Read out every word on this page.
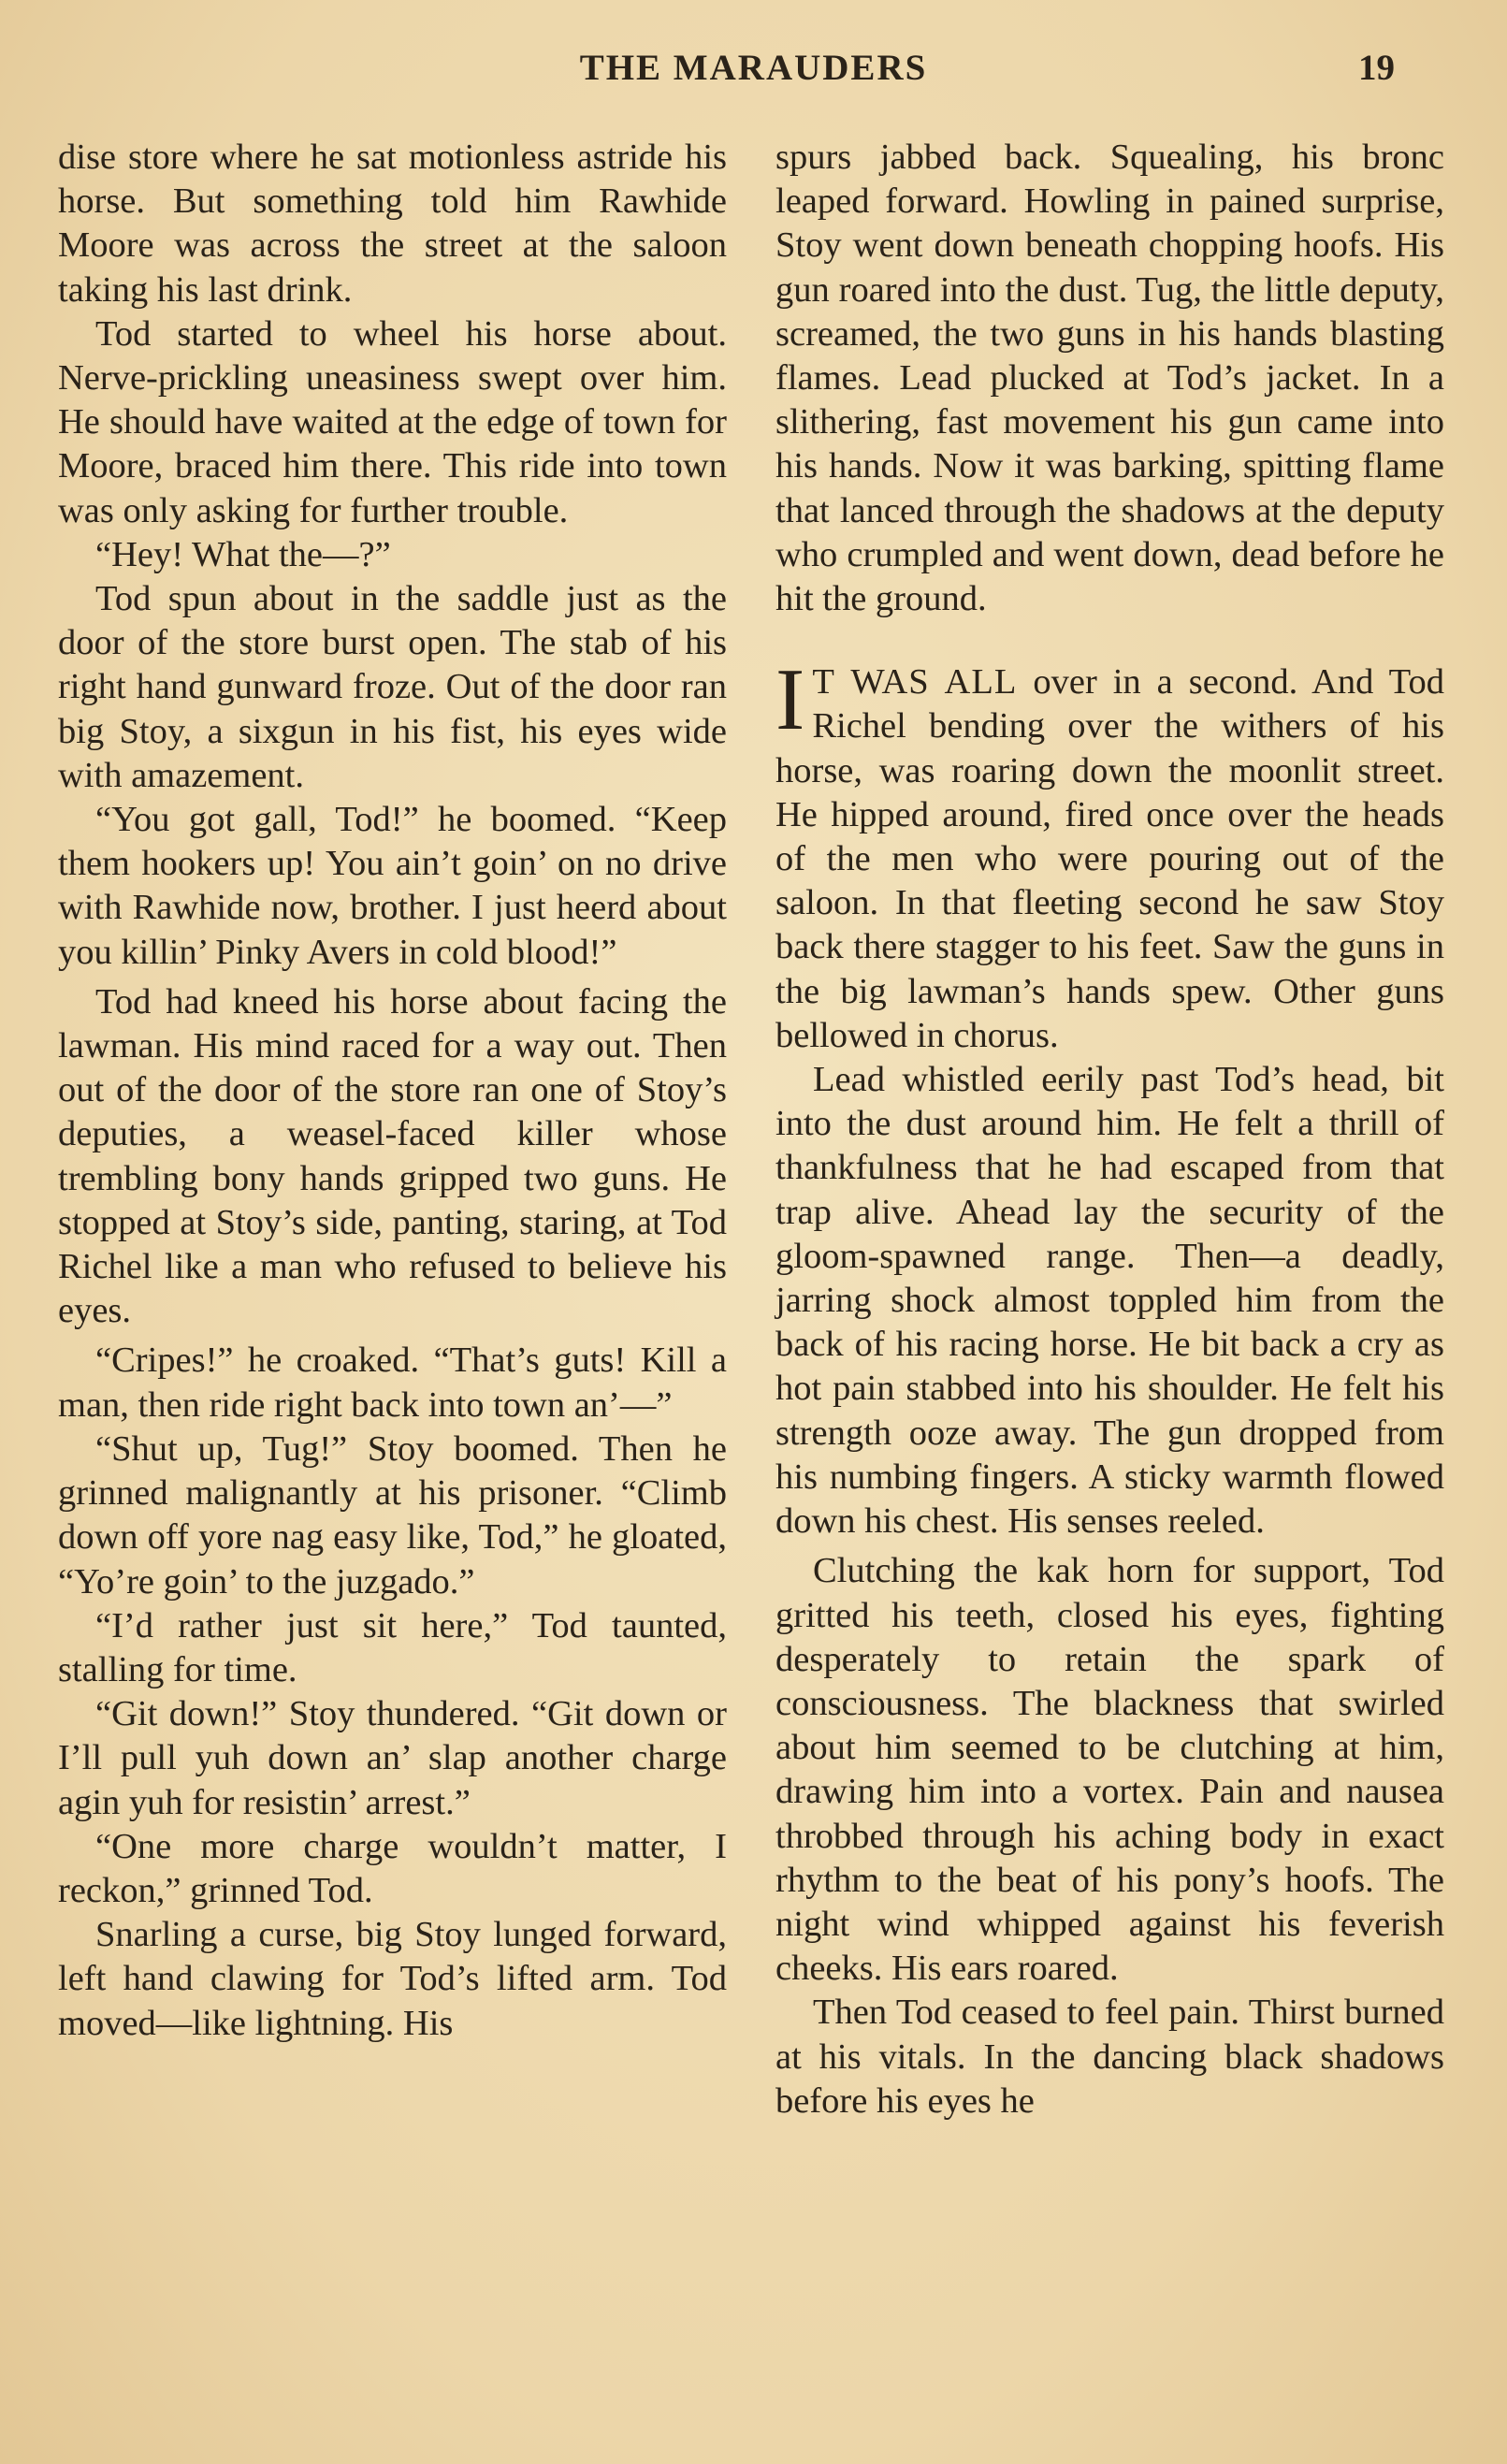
THE MARAUDERS	19

dise store where he sat motionless astride his horse. But something told him Rawhide Moore was across the street at the saloon taking his last drink.

Tod started to wheel his horse about. Nerve-prickling uneasiness swept over him. He should have waited at the edge of town for Moore, braced him there. This ride into town was only asking for further trouble.

“Hey! What the—?”

Tod spun about in the saddle just as the door of the store burst open. The stab of his right hand gunward froze. Out of the door ran big Stoy, a sixgun in his fist, his eyes wide with amazement.

“You got gall, Tod!” he boomed. “Keep them hookers up! You ain’t goin’ on no drive with Rawhide now, brother. I just heerd about you killin’ Pinky Avers in cold blood!”

Tod had kneed his horse about facing the lawman. His mind raced for a way out. Then out of the door of the store ran one of Stoy’s deputies, a weasel-faced killer whose trembling bony hands gripped two guns. He stopped at Stoy’s side, panting, staring, at Tod Richel like a man who refused to believe his eyes.

“Cripes!” he croaked. “That’s guts! Kill a man, then ride right back into town an’—”

“Shut up, Tug!” Stoy boomed. Then he grinned malignantly at his prisoner. “Climb down off yore nag easy like, Tod,” he gloated, “Yo’re goin’ to the juzgado.”

“I’d rather just sit here,” Tod taunted, stalling for time.

“Git down!” Stoy thundered. “Git down or I’ll pull yuh down an’ slap another charge agin yuh for resistin’ arrest.”

“One more charge wouldn’t matter, I reckon,” grinned Tod.

Snarling a curse, big Stoy lunged forward, left hand clawing for Tod’s lifted arm. Tod moved—like lightning. His

spurs jabbed back. Squealing, his bronc leaped forward. Howling in pained surprise, Stoy went down beneath chopping hoofs. His gun roared into the dust. Tug, the little deputy, screamed, the two guns in his hands blasting flames. Lead plucked at Tod’s jacket. In a slithering, fast movement his gun came into his hands. Now it was barking, spitting flame that lanced through the shadows at the deputy who crumpled and went down, dead before he hit the ground.

I T WAS ALL over in a second. And Tod Richel bending over the withers of his horse, was roaring down the moonlit street. He hipped around, fired once over the heads of the men who were pouring out of the saloon. In that fleeting second he saw Stoy back there stagger to his feet. Saw the guns in the big lawman’s hands spew. Other guns bellowed in chorus.

Lead whistled eerily past Tod’s head, bit into the dust around him. He felt a thrill of thankfulness that he had escaped from that trap alive. Ahead lay the security of the gloom-spawned range. Then—a deadly, jarring shock almost toppled him from the back of his racing horse. He bit back a cry as hot pain stabbed into his shoulder. He felt his strength ooze away. The gun dropped from his numbing fingers. A sticky warmth flowed down his chest. His senses reeled.

Clutching the kak horn for support, Tod gritted his teeth, closed his eyes, fighting desperately to retain the spark of consciousness. The blackness that swirled about him seemed to be clutching at him, drawing him into a vortex. Pain and nausea throbbed through his aching body in exact rhythm to the beat of his pony’s hoofs. The night wind whipped against his feverish cheeks. His ears roared.

Then Tod ceased to feel pain. Thirst burned at his vitals. In the dancing black shadows before his eyes he
